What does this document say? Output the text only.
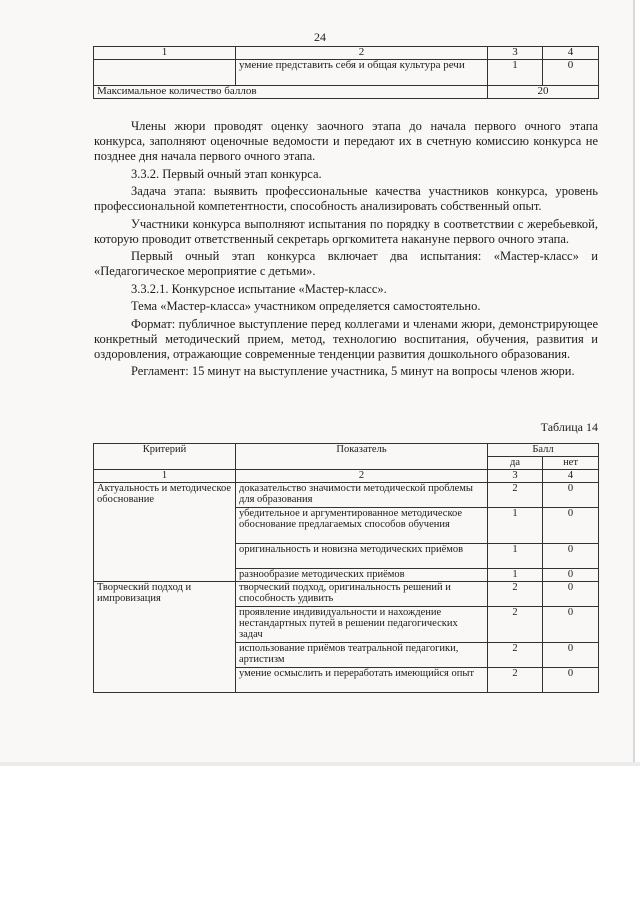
24
1	2	3	4
	умение представить себя и общая культура речи	1	0
Максимальное количество баллов		20	

Члены жюри проводят оценку заочного этапа до начала первого очного этапа конкурса, заполняют оценочные ведомости и передают их в счетную комиссию конкурса не позднее дня начала первого очного этапа.

3.3.2. Первый очный этап конкурса.

Задача этапа: выявить профессиональные качества участников конкурса, уровень профессиональной компетентности, способность анализировать собственный опыт.

Участники конкурса выполняют испытания по порядку в соответствии с жеребьевкой, которую проводит ответственный секретарь оргкомитета накануне первого очного этапа.

Первый очный этап конкурса включает два испытания: «Мастер-класс» и «Педагогическое мероприятие с детьми».

3.3.2.1. Конкурсное испытание «Мастер-класс».

Тема «Мастер-класса» участником определяется самостоятельно.

Формат: публичное выступление перед коллегами и членами жюри, демонстрирующее конкретный методический прием, метод, технологию воспитания, обучения, развития и оздоровления, отражающие современные тенденции развития дошкольного образования.

Регламент: 15 минут на выступление участника, 5 минут на вопросы членов жюри.

Таблица 14
Критерий	Показатель	Балл	
		да	нет
1	2	3	4
Актуальность и методическое обоснование	доказательство значимости методической проблемы для образования	2	0
	убедительное и аргументированное методическое обоснование предлагаемых способов обучения	1	0
	оригинальность и новизна методических приёмов	1	0
	разнообразие методических приёмов	1	0
Творческий подход и импровизация	творческий подход, оригинальность решений и способность удивить	2	0
	проявление индивидуальности и нахождение нестандартных путей в решении педагогических задач	2	0
	использование приёмов театральной педагогики, артистизм	2	0
	умение осмыслить и переработать имеющийся опыт	2	0
